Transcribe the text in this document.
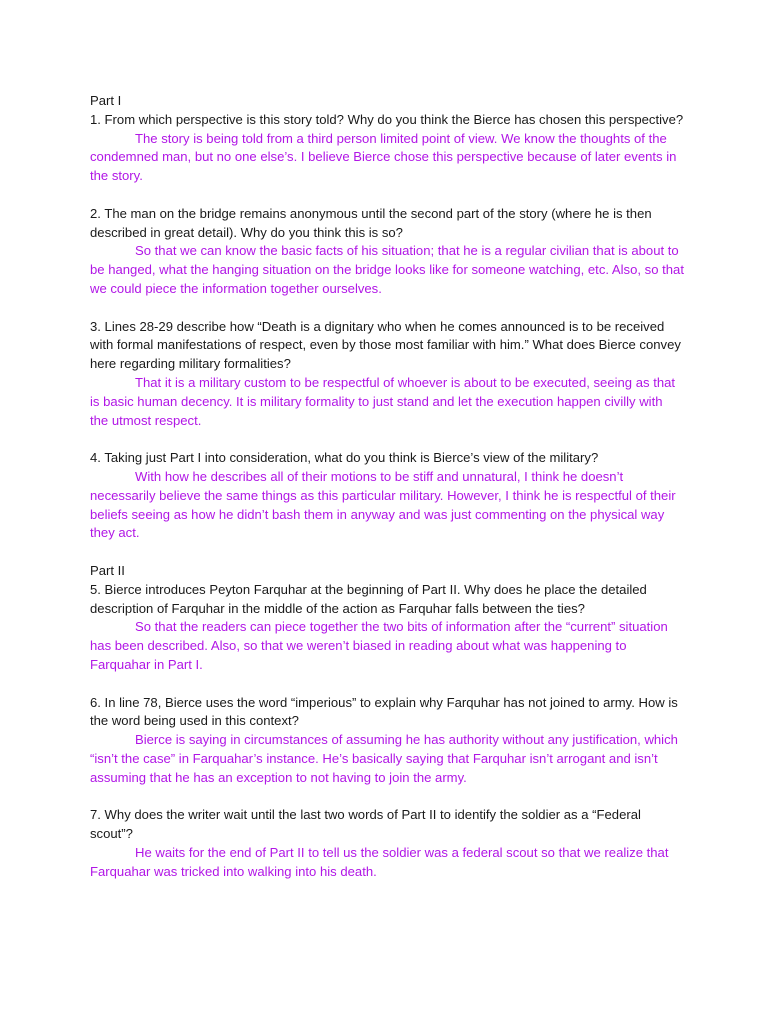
Part I

1. From which perspective is this story told? Why do you think the Bierce has chosen this perspective?

The story is being told from a third person limited point of view. We know the thoughts of the condemned man, but no one else’s. I believe Bierce chose this perspective because of later events in the story.

2. The man on the bridge remains anonymous until the second part of the story (where he is then described in great detail). Why do you think this is so?

So that we can know the basic facts of his situation; that he is a regular civilian that is about to be hanged, what the hanging situation on the bridge looks like for someone watching, etc. Also, so that we could piece the information together ourselves.

3. Lines 28-29 describe how “Death is a dignitary who when he comes announced is to be received with formal manifestations of respect, even by those most familiar with him.” What does Bierce convey here regarding military formalities?

That it is a military custom to be respectful of whoever is about to be executed, seeing as that is basic human decency. It is military formality to just stand and let the execution happen civilly with the utmost respect.

4. Taking just Part I into consideration, what do you think is Bierce’s view of the military?

With how he describes all of their motions to be stiff and unnatural, I think he doesn’t necessarily believe the same things as this particular military. However, I think he is respectful of their beliefs seeing as how he didn’t bash them in anyway and was just commenting on the physical way they act.

Part II

5. Bierce introduces Peyton Farquhar at the beginning of Part II. Why does he place the detailed description of Farquhar in the middle of the action as Farquhar falls between the ties?

So that the readers can piece together the two bits of information after the “current” situation has been described. Also, so that we weren’t biased in reading about what was happening to Farquahar in Part I.

6. In line 78, Bierce uses the word “imperious” to explain why Farquhar has not joined to army. How is the word being used in this context?

Bierce is saying in circumstances of assuming he has authority without any justification, which “isn’t the case” in Farquahar’s instance. He’s basically saying that Farquhar isn’t arrogant and isn’t assuming that he has an exception to not having to join the army.

7. Why does the writer wait until the last two words of Part II to identify the soldier as a “Federal scout”?

He waits for the end of Part II to tell us the soldier was a federal scout so that we realize that Farquahar was tricked into walking into his death.
